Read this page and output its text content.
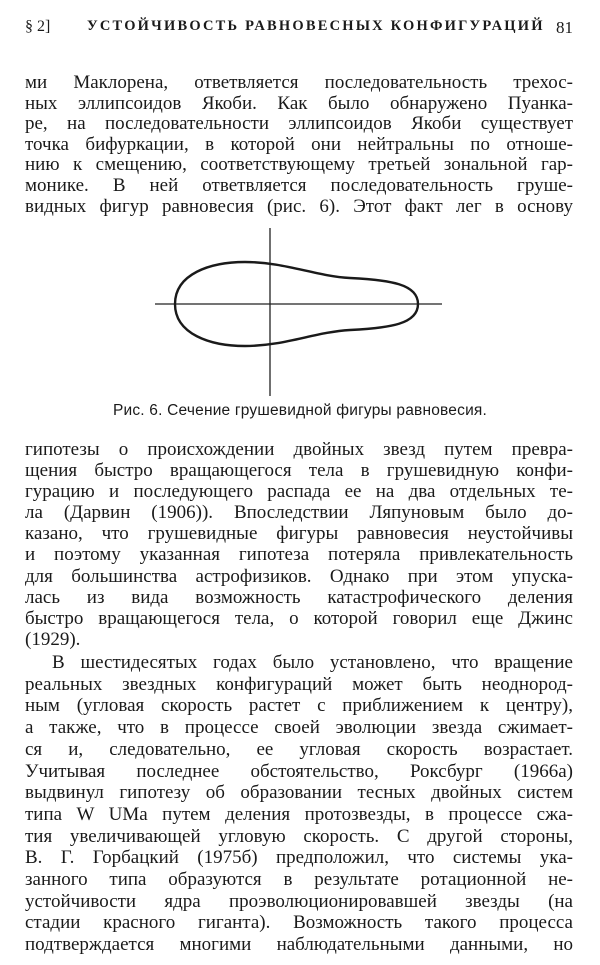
§ 2]	УСТОЙЧИВОСТЬ РАВНОВЕСНЫХ КОНФИГУРАЦИЙ 81
ми Маклорена, ответвляется последовательность трехос-
ных эллипсоидов Якоби. Как было обнаружено Пуанка-
ре, на последовательности эллипсоидов Якоби существует
точка бифуркации, в которой они нейтральны по отноше-
нию к смещению, соответствующему третьей зональной гар-
монике. В ней ответвляется последовательность груше-
видных фигур равновесия (рис. 6). Этот факт лег в основу
Рис. 6. Сечение грушевидной фигуры равновесия.
гипотезы о происхождении двойных звезд путем превра-
щения быстро вращающегося тела в грушевидную конфи-
гурацию и последующего распада ее на два отдельных те-
ла (Дарвин (1906)). Впоследствии Ляпуновым было до-
казано, что грушевидные фигуры равновесия неустойчивы
и поэтому указанная гипотеза потеряла привлекательность
для большинства астрофизиков. Однако при этом упуска-
лась из вида возможность катастрофического деления
быстро вращающегося тела, о которой говорил еще Джинс
(1929).
В шестидесятых годах было установлено, что вращение
реальных звездных конфигураций может быть неоднород-
ным (угловая скорость растет с приближением к центру),
а также, что в процессе своей эволюции звезда сжимает-
ся и, следовательно, ее угловая скорость возрастает.
Учитывая последнее обстоятельство, Роксбург (1966а)
выдвинул гипотезу об образовании тесных двойных систем
типа W UMa путем деления протозвезды, в процессе сжа-
тия увеличивающей угловую скорость. С другой стороны,
В. Г. Горбацкий (1975б) предположил, что системы ука-
занного типа образуются в результате ротационной не-
устойчивости ядра проэволюционировавшей звезды (на
стадии красного гиганта). Возможность такого процесса
подтверждается многими наблюдательными данными, но
